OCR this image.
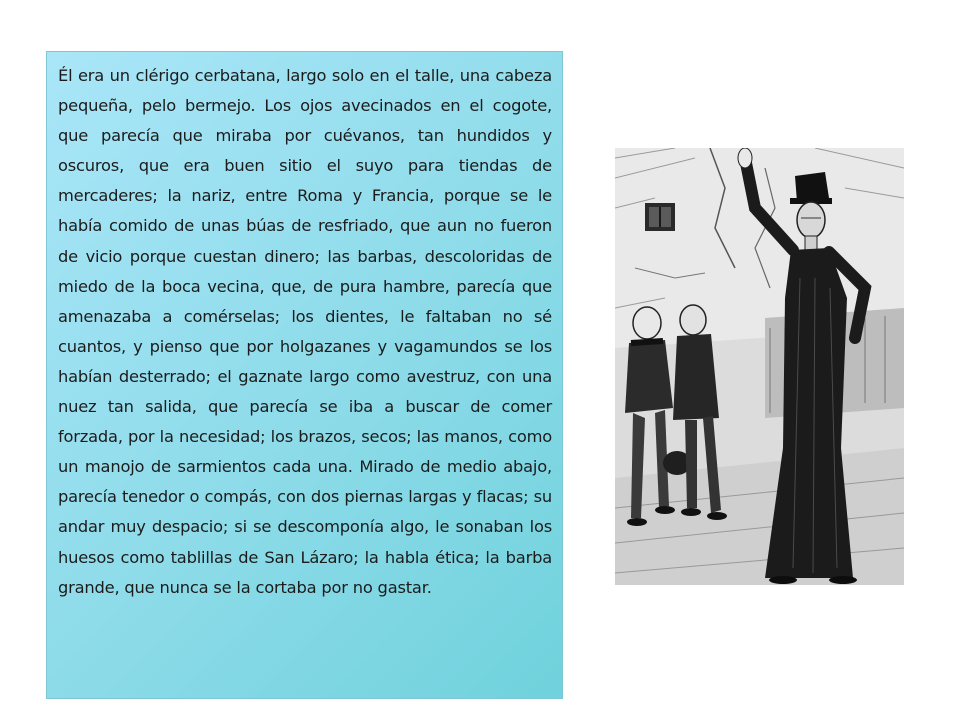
Él era un clérigo cerbatana, largo solo en el talle, una cabeza pequeña, pelo bermejo. Los ojos avecinados en el cogote, que parecía que miraba por cuévanos, tan hundidos y oscuros, que era buen sitio el suyo para tiendas de mercaderes; la nariz, entre Roma y Francia, porque se le había comido de unas búas de resfriado, que aun no fueron de vicio porque cuestan dinero; las barbas, descoloridas de miedo de la boca vecina, que, de pura hambre, parecía que amenazaba a comérselas; los dientes, le faltaban no sé cuantos, y pienso que por holgazanes y vagamundos se los habían desterrado; el gaznate largo como avestruz, con una nuez tan salida, que parecía se iba a buscar de comer forzada, por la necesidad; los brazos, secos; las manos, como un manojo de sarmientos cada una. Mirado de medio abajo, parecía tenedor o compás, con dos piernas largas y flacas; su andar muy despacio; si se descomponía algo, le sonaban los huesos como tablillas de San Lázaro; la habla ética; la barba grande, que nunca se la cortaba por no gastar.
